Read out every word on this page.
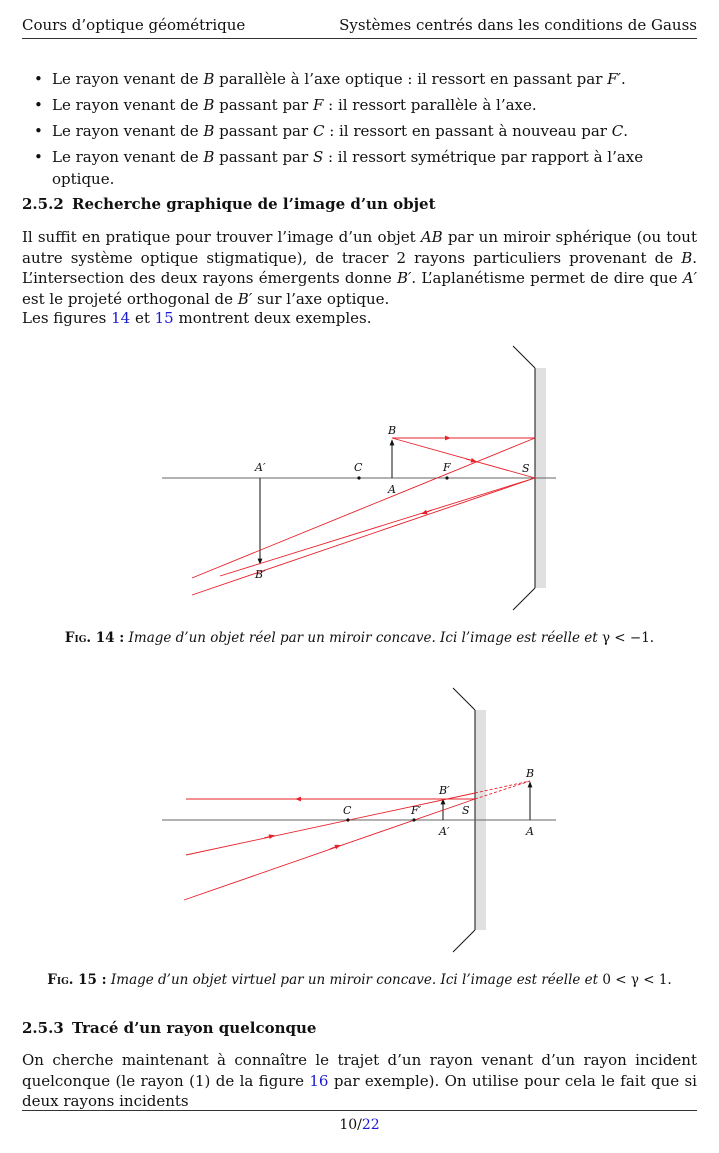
Cours d’optique géométrique	Systèmes centrés dans les conditions de Gauss
• Le rayon venant de B parallèle à l’axe optique : il ressort en passant par F′.
• Le rayon venant de B passant par F : il ressort parallèle à l’axe.
• Le rayon venant de B passant par C : il ressort en passant à nouveau par C.
• Le rayon venant de B passant par S : il ressort symétrique par rapport à l’axe optique.
2.5.2 Recherche graphique de l’image d’un objet

Il suffit en pratique pour trouver l’image d’un objet AB par un miroir sphérique (ou tout autre système optique stigmatique), de tracer 2 rayons particuliers provenant de B. L’intersection des deux rayons émergents donne B′. L’aplanétisme permet de dire que A′ est le projeté orthogonal de B′ sur l’axe optique.

Les figures 14 et 15 montrent deux exemples.

B
A′	C	F	S
A
B′
Fig. 14 : Image d’un objet réel par un miroir concave. Ici l’image est réelle et γ < −1.
B
B′
C	F′	S
A′	A
Fig. 15 : Image d’un objet virtuel par un miroir concave. Ici l’image est réelle et 0 < γ < 1.
2.5.3 Tracé d’un rayon quelconque

On cherche maintenant à connaître le trajet d’un rayon venant d’un rayon incident quelconque (le rayon (1) de la figure 16 par exemple). On utilise pour cela le fait que si deux rayons incidents

10/22
